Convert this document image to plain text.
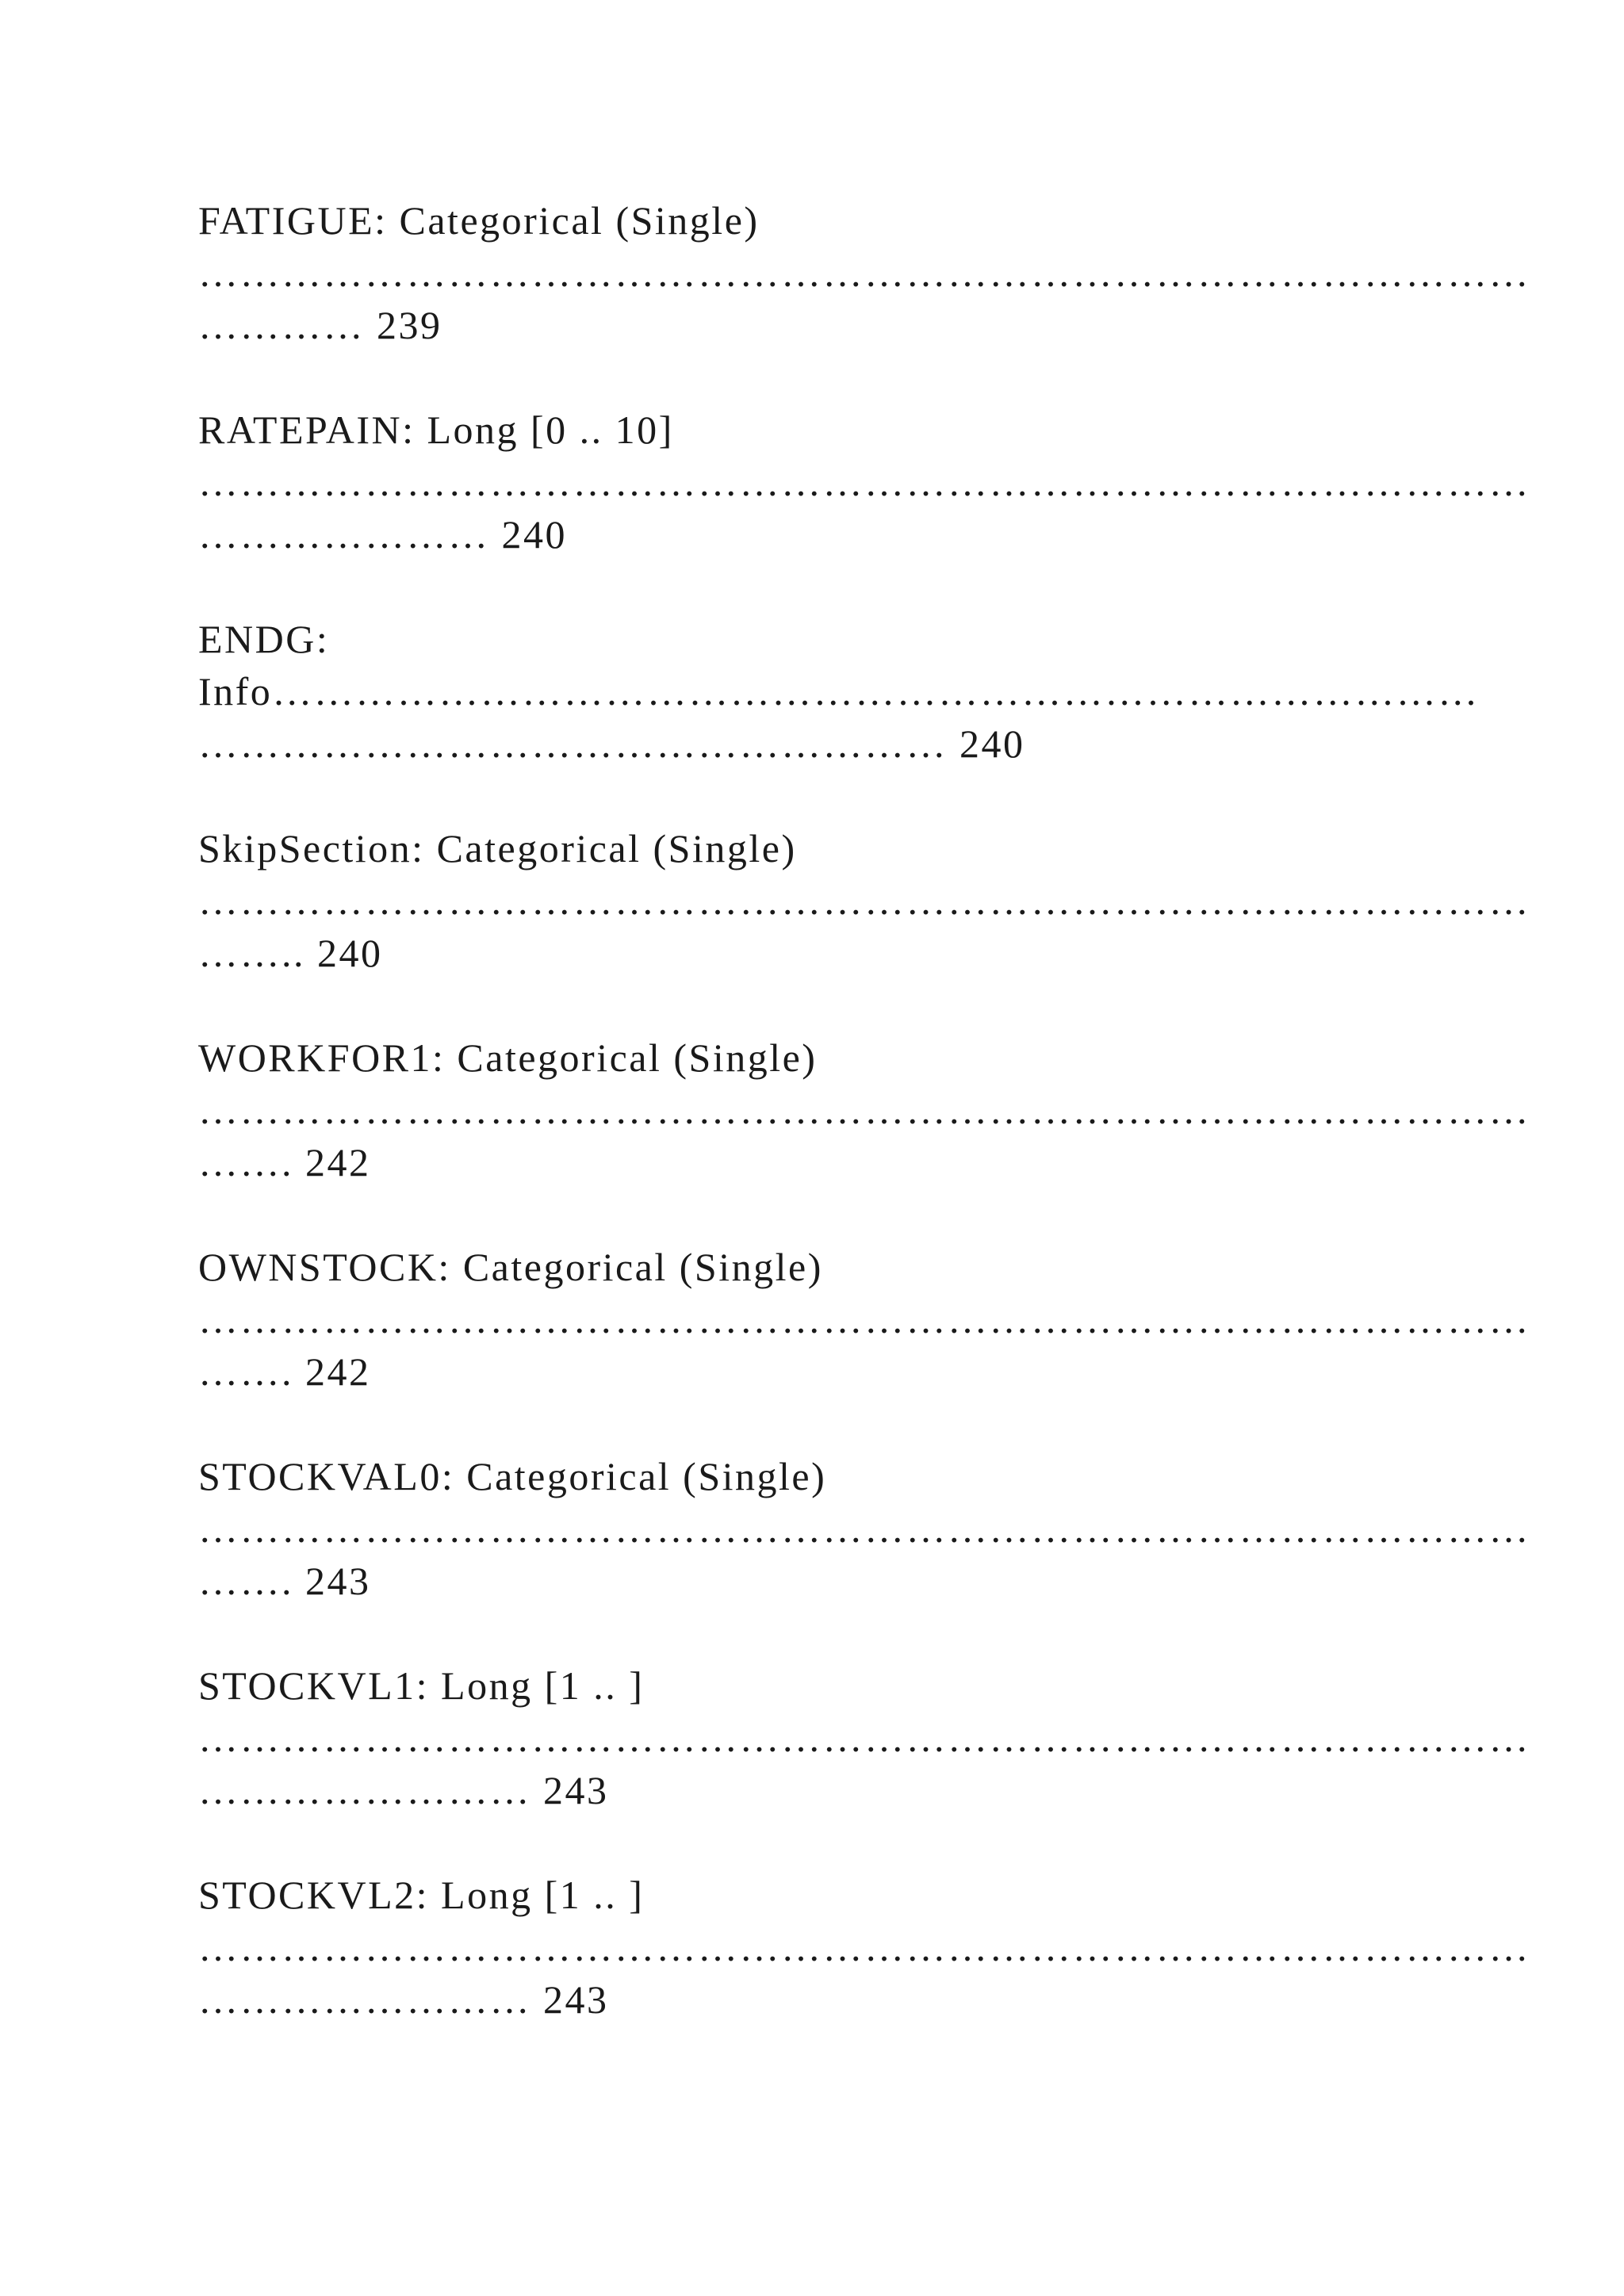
FATIGUE: Categorical (Single)
……………………………………………………………………………………
………… 239
RATEPAIN: Long [0 .. 10]
……………………………………………………………………………………
………………… 240
ENDG:
Info……………………………………………………………………………
……………………………………………… 240
SkipSection: Categorical (Single)
……………………………………………………………………………………
…….. 240
WORKFOR1: Categorical (Single)
……………………………………………………………………………………
……. 242
OWNSTOCK: Categorical (Single)
……………………………………………………………………………………
……. 242
STOCKVAL0: Categorical (Single)
……………………………………………………………………………………
……. 243
STOCKVL1: Long [1 .. ]
……………………………………………………………………………………
…………………… 243
STOCKVL2: Long [1 .. ]
……………………………………………………………………………………
…………………… 243
